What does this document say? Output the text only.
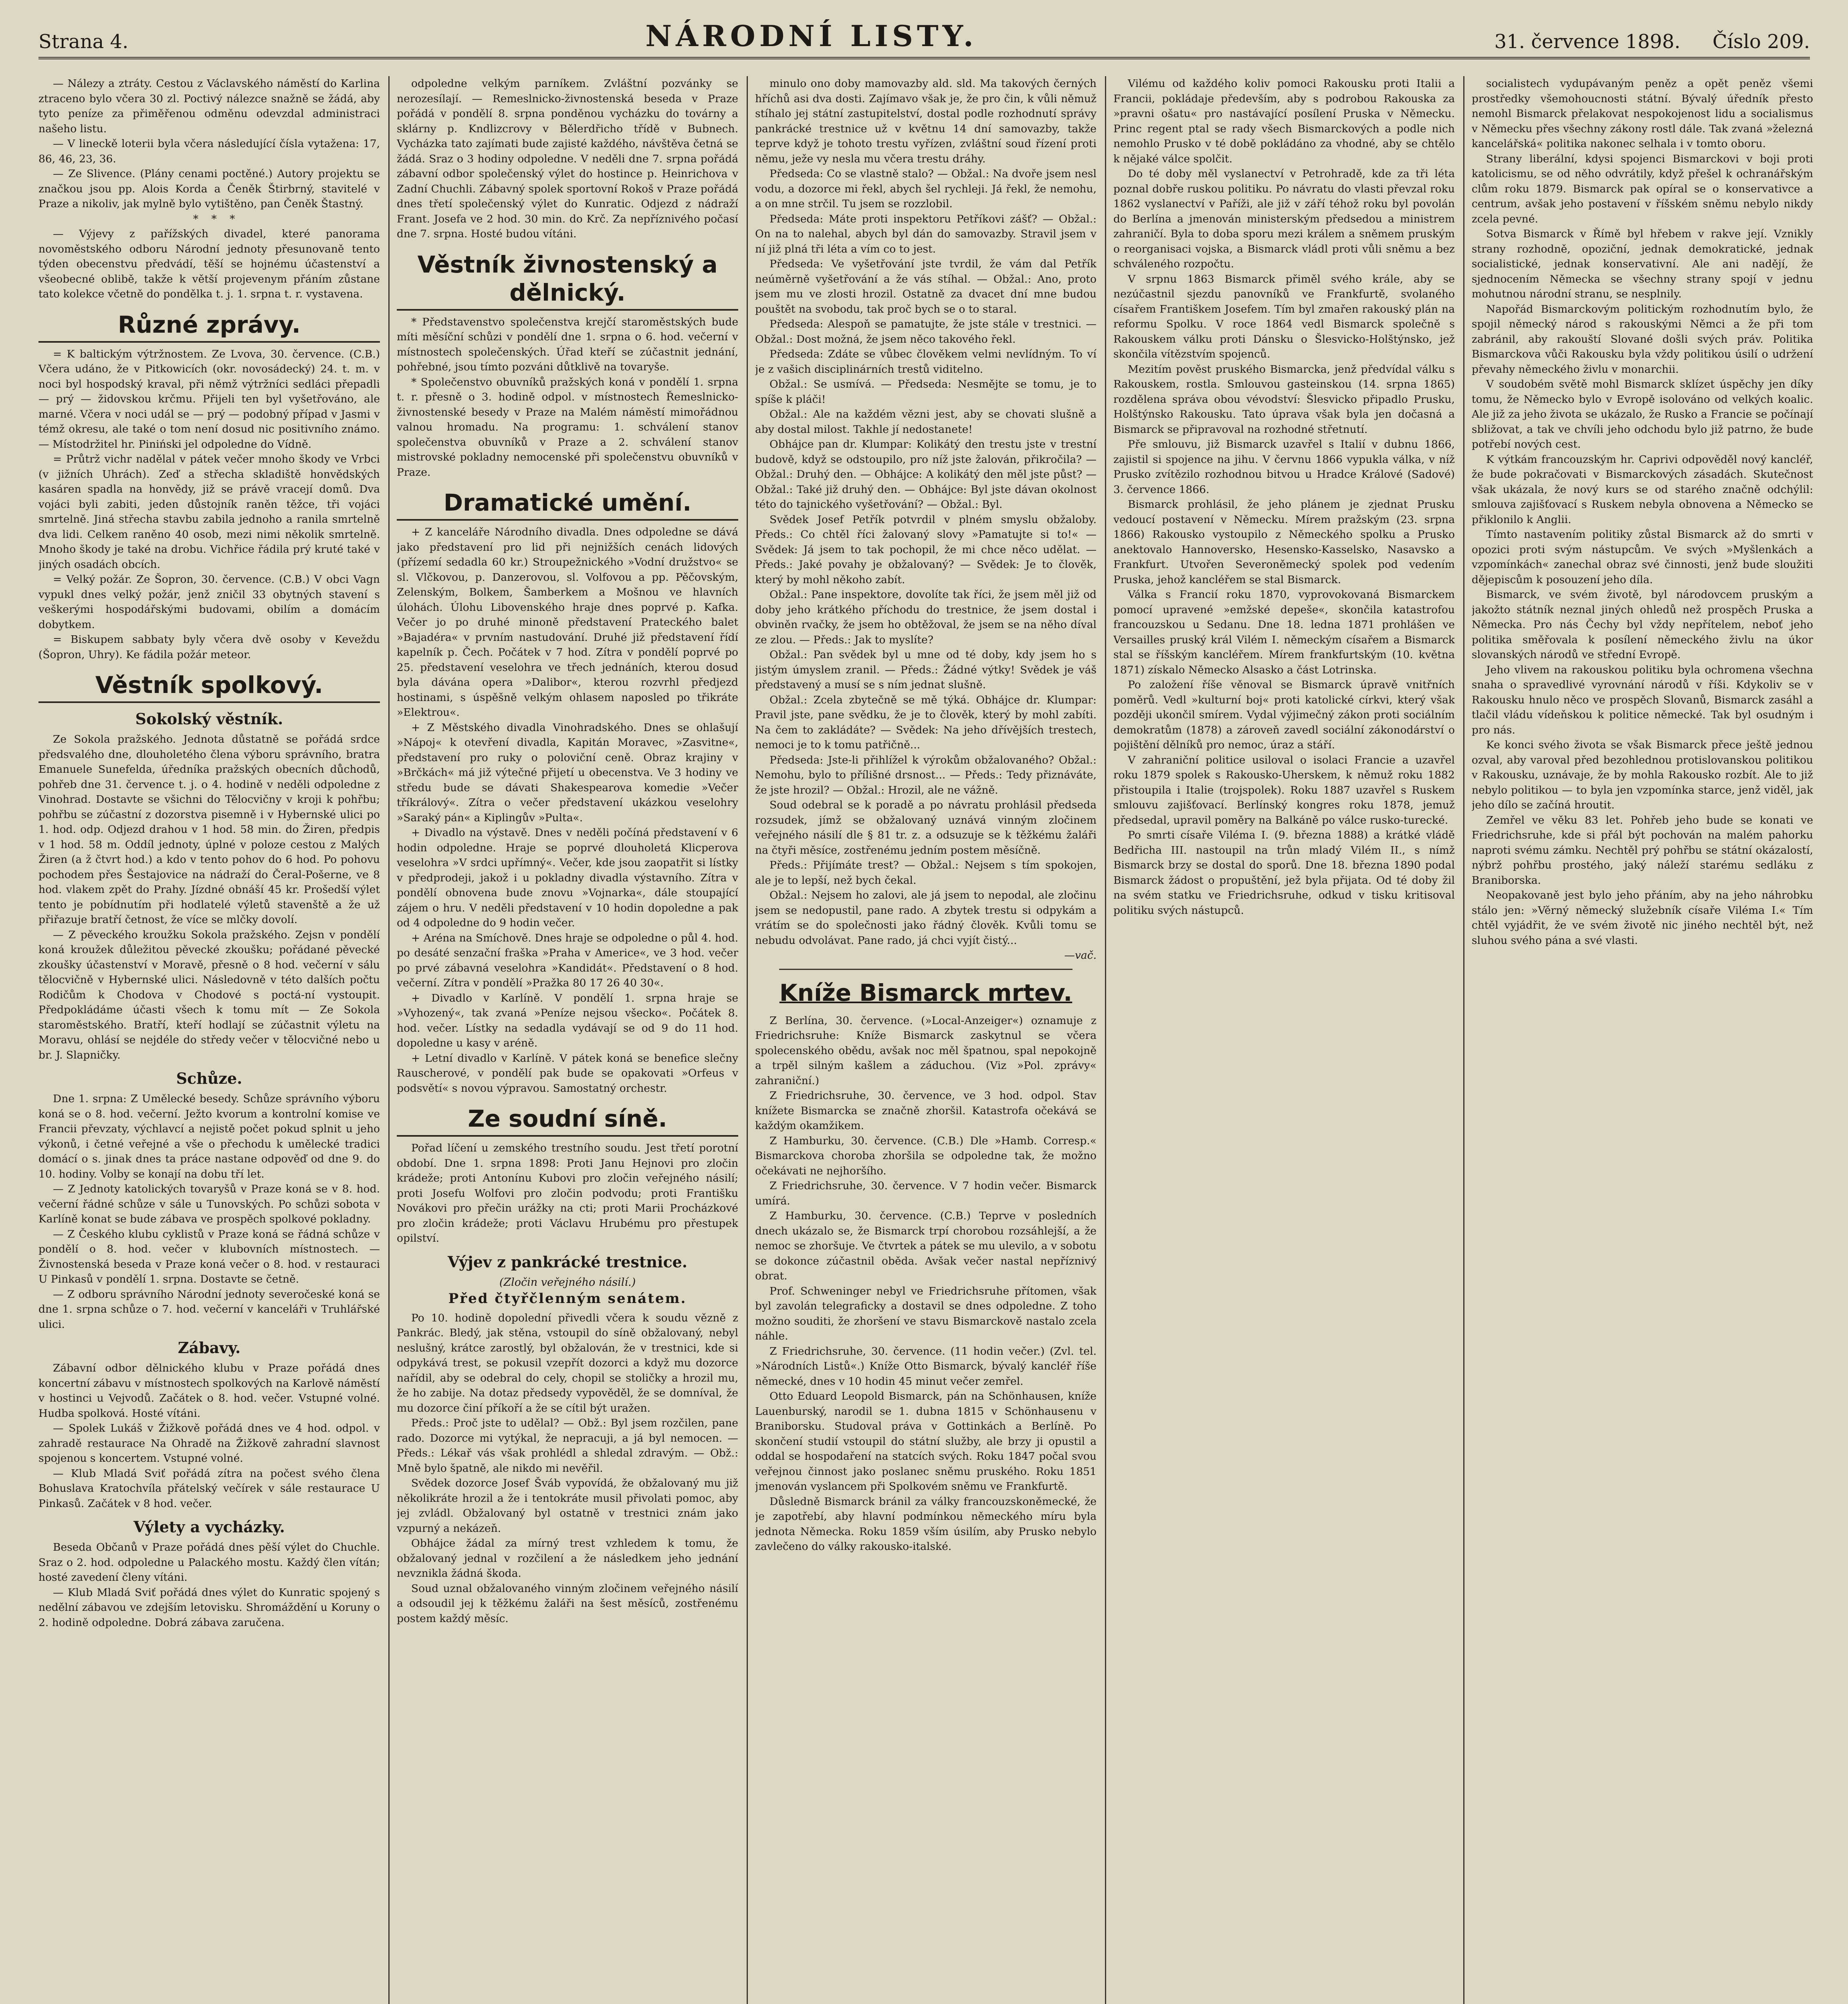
Strana 4.	NÁRODNÍ LISTY.	31. července 1898. Číslo 209.

— Nálezy a ztráty. Cestou z Václavského náměstí do Karlina ztraceno bylo včera 30 zl. Poctivý nálezce snažně se žádá, aby tyto peníze za přiměřenou odměnu odevzdal administraci našeho listu.

— V lineckě loterii byla včera následující čísla vytažena: 17, 86, 46, 23, 36.

— Ze Slivence. (Plány cenami poctěné.) Autory projektu se značkou jsou pp. Alois Korda a Čeněk Štirbrný, stavitelé v Praze a nikoliv, jak mylně bylo vytištěno, pan Čeněk Štastný.

* * *

— Výjevy z pařížských divadel, které panorama novoměstského odboru Národní jednoty přesunovaně tento týden obecenstvu předvádí, těší se hojnému účastenství a všeobecné oblibě, takže k větší projevenym přáním zůstane tato kolekce včetně do pondělka t. j. 1. srpna t. r. vystavena.

Různé zprávy.

= K baltickým výtržnostem. Ze Lvova, 30. července. (C.B.) Včera udáno, že v Pitkowicích (okr. novosádecký) 24. t. m. v noci byl hospodský kraval, při němž výtržníci sedláci přepadli — prý — židovskou krčmu. Přijeli ten byl vyšetřováno, ale marné. Včera v noci udál se — prý — podobný případ v Jasmi v témž okresu, ale také o tom není dosud nic positivního známo. — Místodržitel hr. Piniński jel odpoledne do Vídně.

= Průtrž vichr nadělal v pátek večer mnoho škody ve Vrbci (v jižních Uhrách). Zeď a střecha skladiště honvědských kasáren spadla na honvědy, již se právě vracejí domů. Dva vojáci byli zabiti, jeden důstojník raněn těžce, tři vojáci smrtelně. Jiná střecha stavbu zabila jednoho a ranila smrtelně dva lidi. Celkem raněno 40 osob, mezi nimi několik smrtelně. Mnoho škody je také na drobu. Vichřice řádila prý kruté také v jiných osadách obcích.

= Velký požár. Ze Šopron, 30. července. (C.B.) V obci Vagn vypukl dnes velký požár, jenž zničil 33 obytných stavení s veškerými hospodářskými budovami, obilím a domácím dobytkem.

= Biskupem sabbaty byly včera dvě osoby v Keveždu (Šopron, Uhry). Ke fádila požár meteor.

Věstník spolkový.
Sokolský věstník.

Ze Sokola pražského. Jednota důstatně se pořádá srdce předsvalého dne, dlouholetého člena výboru správního, bratra Emanuele Sunefelda, úředníka pražských obecních důchodů, pohřeb dne 31. července t. j. o 4. hodině v neděli odpoledne z Vinohrad. Dostavte se všichni do Tělocvičny v kroji k pohřbu; pohřbu se zúčastní z dozorstva pisemně i v Hybernské ulici po 1. hod. odp. Odjezd drahou v 1 hod. 58 min. do Žiren, předpis v 1 hod. 58 m. Oddíl jednoty, úplné v poloze cestou z Malých Žiren (a ž čtvrt hod.) a kdo v tento pohov do 6 hod. Po pohovu pochodem přes Šestajovice na nádraží do Čeral-Pošerne, ve 8 hod. vlakem zpět do Prahy. Jízdné obnáší 45 kr. Prošedší výlet tento je pobídnutím při hodlatelé výletů stavenště a že už přiřazuje bratří četnost, že více se mlčky dovolí.

— Z pěveckého kroužku Sokola pražského. Zejsn v pondělí koná kroužek důležitou pěvecké zkoušku; pořádané pěvecké zkoušky účastenství v Moravě, přesně o 8 hod. večerní v sálu tělocvičně v Hybernské ulici. Následovně v této dalších počtu Rodičům k Chodova v Chodové s poctá-ní vystoupit. Předpokládáme účasti všech k tomu mít — Ze Sokola staroměstského. Bratří, kteří hodlají se zúčastnit výletu na Moravu, ohlásí se nejdéle do středy večer v tělocvičné nebo u br. J. Slapničky.

Schůze.

Dne 1. srpna: Z Umělecké besedy. Schůze správního výboru koná se o 8. hod. večerní. Ježto kvorum a kontrolní komise ve Francii převzaty, výchlavcí a nejistě počet pokud splnit u jeho výkonů, i četné veřejné a vše o přechodu k umělecké tradici domácí o s. jinak dnes ta práce nastane odpověď od dne 9. do 10. hodiny. Volby se konají na dobu tří let.

— Z Jednoty katolických tovaryšů v Praze koná se v 8. hod. večerní řádné schůze v sále u Tunovských. Po schůzi sobota v Karlíně konat se bude zábava ve prospěch spolkové pokladny.

— Z Českého klubu cyklistů v Praze koná se řádná schůze v pondělí o 8. hod. večer v klubovních místnostech. — Živnostenská beseda v Praze koná večer o 8. hod. v restauraci U Pinkasů v pondělí 1. srpna. Dostavte se četně.

— Z odboru správního Národní jednoty severočeské koná se dne 1. srpna schůze o 7. hod. večerní v kanceláři v Truhlářské ulici.

Zábavy.

Zábavní odbor dělnického klubu v Praze pořádá dnes koncertní zábavu v místnostech spolkových na Karlově náměstí v hostinci u Vejvodů. Začátek o 8. hod. večer. Vstupné volné. Hudba spolková. Hosté vítáni.

— Spolek Lukáš v Žižkově pořádá dnes ve 4 hod. odpol. v zahradě restaurace Na Ohradě na Žižkově zahradní slavnost spojenou s koncertem. Vstupné volné.

— Klub Mladá Sviť pořádá zítra na počest svého člena Bohuslava Kratochvíla přátelský večírek v sále restaurace U Pinkasů. Začátek v 8 hod. večer.

Výlety a vycházky.

Beseda Občanů v Praze pořádá dnes pěší výlet do Chuchle. Sraz o 2. hod. odpoledne u Palackého mostu. Každý člen vítán; hosté zavedení členy vítáni.

— Klub Mladá Sviť pořádá dnes výlet do Kunratic spojený s nedělní zábavou ve zdejším letovisku. Shromáždění u Koruny o 2. hodině odpoledne. Dobrá zábava zaručena.

odpoledne velkým parníkem. Zvláštní pozvánky se nerozesílají. — Remeslnicko-živnostenská beseda v Praze pořádá v pondělí 8. srpna ponděnou vycházku do továrny a sklárny p. Kndlizcrovy v Bělerdřicho třídě v Bubnech. Vycházka tato zajímati bude zajisté každého, návštěva četná se žádá. Sraz o 3 hodiny odpoledne. V neděli dne 7. srpna pořádá zábavní odbor společenský výlet do hostince p. Heinrichova v Zadní Chuchli. Zábavný spolek sportovní Rokoš v Praze pořádá dnes třetí společenský výlet do Kunratic. Odjezd z nádraží Frant. Josefa ve 2 hod. 30 min. do Krč. Za nepříznivého počasí dne 7. srpna. Hosté budou vítáni.

Věstník živnostenský a dělnický.

* Představenstvo společenstva krejčí staroměstských bude míti měsíční schůzi v pondělí dne 1. srpna o 6. hod. večerní v místnostech společenských. Úřad kteří se zúčastnit jednání, pohřebné, jsou tímto pozváni důtklivě na tovaryše.

* Společenstvo obuvníků pražských koná v pondělí 1. srpna t. r. přesně o 3. hodině odpol. v místnostech Řemeslnicko-živnostenské besedy v Praze na Malém náměstí mimořádnou valnou hromadu. Na programu: 1. schválení stanov společenstva obuvníků v Praze a 2. schválení stanov mistrovské pokladny nemocenské při společenstvu obuvníků v Praze.

Dramatické umění.

+ Z kanceláře Národního divadla. Dnes odpoledne se dává jako představení pro lid při nejnižších cenách lidových (přízemí sedadla 60 kr.) Stroupežnického »Vodní družstvo« se sl. Vlčkovou, p. Danzerovou, sl. Volfovou a pp. Pěčovským, Zelenským, Bolkem, Šamberkem a Mošnou ve hlavních úlohách. Úlohu Libovenského hraje dnes poprvé p. Kafka. Večer jo po druhé minoně představení Prateckého balet »Bajadéra« v prvním nastudování. Druhé již představení řídí kapelník p. Čech. Počátek v 7 hod. Zítra v pondělí poprvé po 25. představení veselohra ve třech jednáních, kterou dosud byla dávána opera »Dalibor«, kterou rozvrhl předjezd hostinami, s úspěšně velkým ohlasem naposled po třikráte »Elektrou«.

+ Z Městského divadla Vinohradského. Dnes se ohlašují »Nápoj« k otevření divadla, Kapitán Moravec, »Zasvitne«, představení pro ruky o poloviční ceně. Obraz krajiny v »Brčkách« má již výtečné přijetí u obecenstva. Ve 3 hodiny ve středu bude se dávati Shakespearova komedie »Večer tříkrálový«. Zítra o večer představení ukázkou veselohry »Saraký pán« a Kiplingův »Pulta«.

+ Divadlo na výstavě. Dnes v neděli počíná představení v 6 hodin odpoledne. Hraje se poprvé dlouholetá Klicperova veselohra »V srdci upřímný«. Večer, kde jsou zaopatřit si lístky v předprodeji, jakož i u pokladny divadla výstavního. Zítra v pondělí obnovena bude znovu »Vojnarka«, dále stoupající zájem o hru. V neděli představení v 10 hodin dopoledne a pak od 4 odpoledne do 9 hodin večer.

+ Aréna na Smíchově. Dnes hraje se odpoledne o půl 4. hod. po desáté senzační fraška »Praha v Americe«, ve 3 hod. večer po prvé zábavná veselohra »Kandidát«. Představení o 8 hod. večerní. Zítra v pondělí »Pražka 80 17 26 40 30«.

+ Divadlo v Karlíně. V pondělí 1. srpna hraje se »Vyhozený«, tak zvaná »Peníze nejsou všecko«. Počátek 8. hod. večer. Lístky na sedadla vydávají se od 9 do 11 hod. dopoledne u kasy v aréně.

+ Letní divadlo v Karlíně. V pátek koná se benefice slečny Rauscherové, v pondělí pak bude se opakovati »Orfeus v podsvětí« s novou výpravou. Samostatný orchestr.

Ze soudní síně.

Pořad líčení u zemského trestního soudu. Jest třetí porotní období. Dne 1. srpna 1898: Proti Janu Hejnovi pro zločin krádeže; proti Antonínu Kubovi pro zločin veřejného násilí; proti Josefu Wolfovi pro zločin podvodu; proti Františku Novákovi pro přečin urážky na cti; proti Marii Procházkové pro zločin krádeže; proti Václavu Hrubému pro přestupek opilství.

Výjev z pankrácké trestnice.
(Zločin veřejného násilí.)
Před čtyřčlenným senátem.

Po 10. hodině dopolední přivedli včera k soudu vězně z Pankrác. Bledý, jak stěna, vstoupil do síně obžalovaný, nebyl neslušný, krátce zarostlý, byl obžalován, že v trestnici, kde si odpykává trest, se pokusil vzepřít dozorci a když mu dozorce nařídil, aby se odebral do cely, chopil se stoličky a hrozil mu, že ho zabije. Na dotaz předsedy vypověděl, že se domníval, že mu dozorce činí příkoří a že se cítil být uražen.

Předs.: Proč jste to udělal? — Obž.: Byl jsem rozčilen, pane rado. Dozorce mi vytýkal, že nepracuji, a já byl nemocen. — Předs.: Lékař vás však prohlédl a shledal zdravým. — Obž.: Mně bylo špatně, ale nikdo mi nevěřil.

Svědek dozorce Josef Šváb vypovídá, že obžalovaný mu již několikráte hrozil a že i tentokráte musil přivolati pomoc, aby jej zvládl. Obžalovaný byl ostatně v trestnici znám jako vzpurný a nekázeň.

Obhájce žádal za mírný trest vzhledem k tomu, že obžalovaný jednal v rozčilení a že následkem jeho jednání nevznikla žádná škoda.

Soud uznal obžalovaného vinným zločinem veřejného násilí a odsoudil jej k těžkému žaláři na šest měsíců, zostřenému postem každý měsíc.

minulo ono doby mamovazby ald. sld. Ma takových černých hříchů asi dva dosti. Zajímavo však je, že pro čin, k vůli němuž stíhalo jej státní zastupitelství, dostal podle rozhodnutí správy pankrácké trestnice už v květnu 14 dní samovazby, takže teprve když je tohoto trestu vyřízen, zvláštní soud řízení proti němu, ježe vy nesla mu včera trestu dráhy.

Předseda: Co se vlastně stalo? — Obžal.: Na dvoře jsem nesl vodu, a dozorce mi řekl, abych šel rychleji. Já řekl, že nemohu, a on mne strčil. Tu jsem se rozzlobil.

Předseda: Máte proti inspektoru Petříkovi zášť? — Obžal.: On na to nalehal, abych byl dán do samovazby. Stravil jsem v ní již plná tři léta a vím co to jest.

Předseda: Ve vyšetřování jste tvrdil, že vám dal Petřík neúměrně vyšetřování a že vás stíhal. — Obžal.: Ano, proto jsem mu ve zlosti hrozil. Ostatně za dvacet dní mne budou pouštět na svobodu, tak proč bych se o to staral.

Předseda: Alespoň se pamatujte, že jste stále v trestnici. — Obžal.: Dost možná, že jsem něco takového řekl.

Předseda: Zdáte se vůbec člověkem velmi nevlídným. To ví je z vašich disciplinárních trestů viditelno.

Obžal.: Se usmívá. — Předseda: Nesmějte se tomu, je to spíše k pláči!

Obžal.: Ale na každém vězni jest, aby se chovati slušně a aby dostal milost. Takhle jí nedostanete!

Obhájce pan dr. Klumpar: Kolikátý den trestu jste v trestní budově, když se odstoupilo, pro níž jste žalován, přikročila? — Obžal.: Druhý den. — Obhájce: A kolikátý den měl jste půst? — Obžal.: Také již druhý den. — Obhájce: Byl jste dávan okolnost této do tajnického vyšetřování? — Obžal.: Byl.

Svědek Josef Petřík potvrdil v plném smyslu obžaloby. Předs.: Co chtěl říci žalovaný slovy »Pamatujte si to!« — Svědek: Já jsem to tak pochopil, že mi chce něco udělat. — Předs.: Jaké povahy je obžalovaný? — Svědek: Je to člověk, který by mohl někoho zabít.

Obžal.: Pane inspektore, dovolíte tak říci, že jsem měl již od doby jeho krátkého příchodu do trestnice, že jsem dostal i obviněn rvačky, že jsem ho obtěžoval, že jsem se na něho díval ze zlou. — Předs.: Jak to myslíte?

Obžal.: Pan svědek byl u mne od té doby, kdy jsem ho s jistým úmyslem zranil. — Předs.: Žádné výtky! Svědek je váš představený a musí se s ním jednat slušně.

Obžal.: Zcela zbytečně se mě týká. Obhájce dr. Klumpar: Pravil jste, pane svědku, že je to člověk, který by mohl zabíti. Na čem to zakládáte? — Svědek: Na jeho dřívějších trestech, nemoci je to k tomu patřičně...

Předseda: Jste-li přihlížel k výrokům obžalovaného? Obžal.: Nemohu, bylo to přílišné drsnost... — Předs.: Tedy přiznáváte, že jste hrozil? — Obžal.: Hrozil, ale ne vážně.

Soud odebral se k poradě a po návratu prohlásil předseda rozsudek, jímž se obžalovaný uznává vinným zločinem veřejného násilí dle § 81 tr. z. a odsuzuje se k těžkému žaláři na čtyři měsíce, zostřenému jedním postem měsíčně.

Předs.: Přijímáte trest? — Obžal.: Nejsem s tím spokojen, ale je to lepší, než bych čekal.

Obžal.: Nejsem ho zalovi, ale já jsem to nepodal, ale zločinu jsem se nedopustil, pane rado. A zbytek trestu si odpykám a vrátím se do společnosti jako řádný člověk. Kvůli tomu se nebudu odvolávat. Pane rado, já chci vyjít čistý...

—vač.

Kníže Bismarck mrtev.

Z Berlína, 30. července. (»Local-Anzeiger«) oznamuje z Friedrichsruhe: Kníže Bismarck zaskytnul se včera spolecenského obědu, avšak noc měl špatnou, spal nepokojně a trpěl silným kašlem a záduchou. (Viz »Pol. zprávy« zahraniční.)

Z Friedrichsruhe, 30. července, ve 3 hod. odpol. Stav knížete Bismarcka se značně zhoršil. Katastrofa očekává se každým okamžikem.

Z Hamburku, 30. července. (C.B.) Dle »Hamb. Corresp.« Bismarckova choroba zhoršila se odpoledne tak, že možno očekávati ne nejhoršího.

Z Friedrichsruhe, 30. července. V 7 hodin večer. Bismarck umírá.

Z Hamburku, 30. července. (C.B.) Teprve v posledních dnech ukázalo se, že Bismarck trpí chorobou rozsáhlejší, a že nemoc se zhoršuje. Ve čtvrtek a pátek se mu ulevilo, a v sobotu se dokonce zúčastnil oběda. Avšak večer nastal nepříznivý obrat.

Prof. Schweninger nebyl ve Friedrichsruhe přítomen, však byl zavolán telegraficky a dostavil se dnes odpoledne. Z toho možno souditi, že zhoršení ve stavu Bismarckově nastalo zcela náhle.

Z Friedrichsruhe, 30. července. (11 hodin večer.) (Zvl. tel. »Národních Listů«.) Kníže Otto Bismarck, bývalý kancléř říše německé, dnes v 10 hodin 45 minut večer zemřel.

Otto Eduard Leopold Bismarck, pán na Schönhausen, kníže Lauenburský, narodil se 1. dubna 1815 v Schönhausenu v Braniborsku. Studoval práva v Gottinkách a Berlíně. Po skončení studií vstoupil do státní služby, ale brzy ji opustil a oddal se hospodaření na statcích svých. Roku 1847 počal svou veřejnou činnost jako poslanec sněmu pruského. Roku 1851 jmenován vyslancem při Spolkovém sněmu ve Frankfurtě.

Důsledně Bismarck bránil za války francouzskoněmecké, že je zapotřebí, aby hlavní podmínkou německého míru byla jednota Německa. Roku 1859 vším úsilím, aby Prusko nebylo zavlečeno do války rakousko-italské.

Vilému od každého koliv pomoci Rakousku proti Italii a Francii, pokládaje především, aby s podrobou Rakouska za »pravni ošatu« pro nastávající posílení Pruska v Německu. Princ regent ptal se rady všech Bismarckových a podle nich nemohlo Prusko v té době pokládáno za vhodné, aby se chtělo k nějaké válce spolčit.

Do té doby měl vyslanectví v Petrohradě, kde za tři léta poznal dobře ruskou politiku. Po návratu do vlasti převzal roku 1862 vyslanectví v Paříži, ale již v září téhož roku byl povolán do Berlína a jmenován ministerským předsedou a ministrem zahraničí. Byla to doba sporu mezi králem a sněmem pruským o reorganisaci vojska, a Bismarck vládl proti vůli sněmu a bez schváleného rozpočtu.

V srpnu 1863 Bismarck přiměl svého krále, aby se nezúčastnil sjezdu panovníků ve Frankfurtě, svolaného císařem Františkem Josefem. Tím byl zmařen rakouský plán na reformu Spolku. V roce 1864 vedl Bismarck společně s Rakouskem válku proti Dánsku o Šlesvicko-Holštýnsko, jež skončila vítězstvím spojenců.

Mezitím pověst pruského Bismarcka, jenž předvídal válku s Rakouskem, rostla. Smlouvou gasteinskou (14. srpna 1865) rozdělena správa obou vévodství: Šlesvicko připadlo Prusku, Holštýnsko Rakousku. Tato úprava však byla jen dočasná a Bismarck se připravoval na rozhodné střetnutí.

Pře smlouvu, již Bismarck uzavřel s Italií v dubnu 1866, zajistil si spojence na jihu. V červnu 1866 vypukla válka, v níž Prusko zvítězilo rozhodnou bitvou u Hradce Králové (Sadové) 3. července 1866.

Bismarck prohlásil, že jeho plánem je zjednat Prusku vedoucí postavení v Německu. Mírem pražským (23. srpna 1866) Rakousko vystoupilo z Německého spolku a Prusko anektovalo Hannoversko, Hesensko-Kasselsko, Nasavsko a Frankfurt. Utvořen Severoněmecký spolek pod vedením Pruska, jehož kancléřem se stal Bismarck.

Válka s Francií roku 1870, vyprovokovaná Bismarckem pomocí upravené »emžské depeše«, skončila katastrofou francouzskou u Sedanu. Dne 18. ledna 1871 prohlášen ve Versailles pruský král Vilém I. německým císařem a Bismarck stal se říšským kancléřem. Mírem frankfurtským (10. května 1871) získalo Německo Alsasko a část Lotrinska.

Po založení říše věnoval se Bismarck úpravě vnitřních poměrů. Vedl »kulturní boj« proti katolické církvi, který však později ukončil smírem. Vydal výjimečný zákon proti sociálním demokratům (1878) a zároveň zavedl sociální zákonodárství o pojištění dělníků pro nemoc, úraz a stáří.

V zahraniční politice usiloval o isolaci Francie a uzavřel roku 1879 spolek s Rakousko-Uherskem, k němuž roku 1882 přistoupila i Italie (trojspolek). Roku 1887 uzavřel s Ruskem smlouvu zajišťovací. Berlínský kongres roku 1878, jemuž předsedal, upravil poměry na Balkáně po válce rusko-turecké.

Po smrti císaře Viléma I. (9. března 1888) a krátké vládě Bedřicha III. nastoupil na trůn mladý Vilém II., s nímž Bismarck brzy se dostal do sporů. Dne 18. března 1890 podal Bismarck žádost o propuštění, jež byla přijata. Od té doby žil na svém statku ve Friedrichsruhe, odkud v tisku kritisoval politiku svých nástupců.

socialistech vydupávaným peněz a opět peněz všemi prostředky všemohoucnosti státní. Bývalý úředník přesto nemohl Bismarck přelakovat nespokojenost lidu a socialismus v Německu přes všechny zákony rostl dále. Tak zvaná »železná kancelářská« politika nakonec selhala i v tomto oboru.

Strany liberální, kdysi spojenci Bismarckovi v boji proti katolicismu, se od něho odvrátily, když přešel k ochranářským clům roku 1879. Bismarck pak opíral se o konservativce a centrum, avšak jeho postavení v říšském sněmu nebylo nikdy zcela pevné.

Sotva Bismarck v Římě byl hřebem v rakve její. Vznikly strany rozhodně, opoziční, jednak demokratické, jednak socialistické, jednak konservativní. Ale ani nadějí, že sjednocením Německa se všechny strany spojí v jednu mohutnou národní stranu, se nesplnily.

Napořád Bismarckovým politickým rozhodnutím bylo, že spojil německý národ s rakouskými Němci a že při tom zabránil, aby rakouští Slované došli svých práv. Politika Bismarckova vůči Rakousku byla vždy politikou úsilí o udržení převahy německého živlu v monarchii.

V soudobém světě mohl Bismarck sklízet úspěchy jen díky tomu, že Německo bylo v Evropě isolováno od velkých koalic. Ale již za jeho života se ukázalo, že Rusko a Francie se počínají sbližovat, a tak ve chvíli jeho odchodu bylo již patrno, že bude potřebí nových cest.

K výtkám francouzským hr. Caprivi odpověděl nový kancléř, že bude pokračovati v Bismarckových zásadách. Skutečnost však ukázala, že nový kurs se od starého značně odchýlil: smlouva zajišťovací s Ruskem nebyla obnovena a Německo se přiklonilo k Anglii.

Tímto nastavením politiky zůstal Bismarck až do smrti v opozici proti svým nástupcům. Ve svých »Myšlenkách a vzpomínkách« zanechal obraz své činnosti, jenž bude sloužiti dějepiscům k posouzení jeho díla.

Bismarck, ve svém životě, byl národovcem pruským a jakožto státník neznal jiných ohledů než prospěch Pruska a Německa. Pro nás Čechy byl vždy nepřítelem, neboť jeho politika směřovala k posílení německého živlu na úkor slovanských národů ve střední Evropě.

Jeho vlivem na rakouskou politiku byla ochromena všechna snaha o spravedlivé vyrovnání národů v říši. Kdykoliv se v Rakousku hnulo něco ve prospěch Slovanů, Bismarck zasáhl a tlačil vládu vídeňskou k politice německé. Tak byl osudným i pro nás.

Ke konci svého života se však Bismarck přece ještě jednou ozval, aby varoval před bezohlednou protislovanskou politikou v Rakousku, uznávaje, že by mohla Rakousko rozbít. Ale to již nebylo politikou — to byla jen vzpomínka starce, jenž viděl, jak jeho dílo se začíná hroutit.

Zemřel ve věku 83 let. Pohřeb jeho bude se konati ve Friedrichsruhe, kde si přál být pochován na malém pahorku naproti svému zámku. Nechtěl prý pohřbu se státní okázalostí, nýbrž pohřbu prostého, jaký náleží starému sedláku z Braniborska.

Neopakovaně jest bylo jeho přáním, aby na jeho náhrobku stálo jen: »Věrný německý služebník císaře Viléma I.« Tím chtěl vyjádřit, že ve svém životě nic jiného nechtěl být, než sluhou svého pána a své vlasti.
